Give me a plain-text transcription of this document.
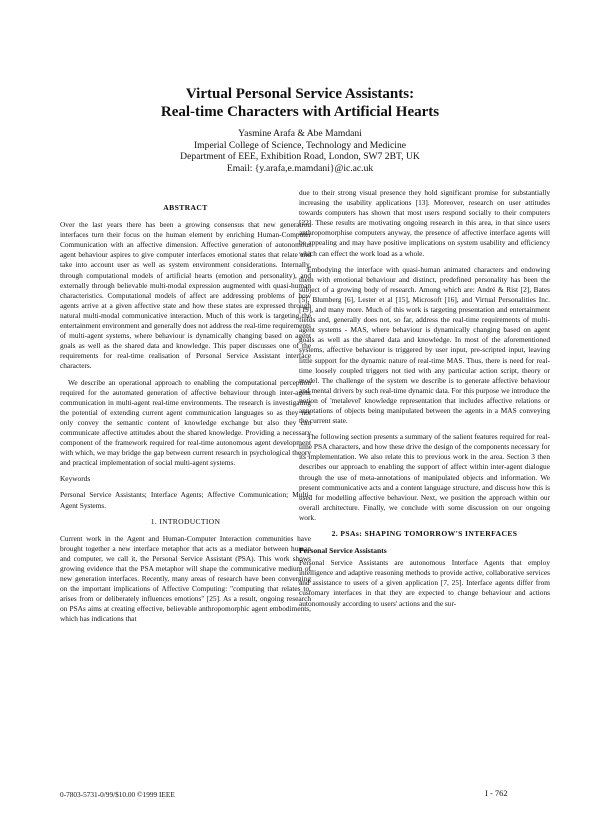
Virtual Personal Service Assistants:
Real-time Characters with Artificial Hearts
Yasmine Arafa & Abe Mamdani
Imperial College of Science, Technology and Medicine
Department of EEE, Exhibition Road, London, SW7 2BT, UK
Email: {y.arafa,e.mamdani}@ic.ac.uk
ABSTRACT

Over the last years there has been a growing consensus that new generation interfaces turn their focus on the human element by enriching Human-Computer Communication with an affective dimension. Affective generation of autonomous agent behaviour aspires to give computer interfaces emotional states that relate and take into account user as well as system environment considerations. Internally, through computational models of artificial hearts (emotion and personality), and externally through believable multi-modal expression augmented with quasi-human characteristics. Computational models of affect are addressing problems of how agents arrive at a given affective state and how these states are expressed through natural multi-modal communicative interaction. Much of this work is targeting the entertainment environment and generally does not address the real-time requirements of multi-agent systems, where behaviour is dynamically changing based on agent goals as well as the shared data and knowledge. This paper discusses one of the requirements for real-time realisation of Personal Service Assistant interface characters.

We describe an operational approach to enabling the computational perception required for the automated generation of affective behaviour through inter-agent communication in multi-agent real-time environments. The research is investigating the potential of extending current agent communication languages so as they not only convey the semantic content of knowledge exchange but also they can communicate affective attitudes about the shared knowledge. Providing a necessary component of the framework required for real-time autonomous agent development with which, we may bridge the gap between current research in psychological theory and practical implementation of social multi-agent systems.

Keywords

Personal Service Assistants; Interface Agents; Affective Communication; Multi-Agent Systems.

1. INTRODUCTION

Current work in the Agent and Human-Computer Interaction communities have brought together a new interface metaphor that acts as a mediator between human and computer, we call it, the Personal Service Assistant (PSA). This work shows growing evidence that the PSA metaphor will shape the communicative medium of new generation interfaces. Recently, many areas of research have been converging on the important implications of Affective Computing: "computing that relates to, arises from or deliberately influences emotions" [25]. As a result, ongoing research on PSAs aims at creating effective, believable anthropomorphic agent embodiments, which has indications that

due to their strong visual presence they hold significant promise for substantially increasing the usability applications [13]. Moreover, research on user attitudes towards computers has shown that most users respond socially to their computers [22]. These results are motivating ongoing research in this area, in that since users anthropomorphise computers anyway, the presence of affective interface agents will be appealing and may have positive implications on system usability and efficiency which can effect the work load as a whole.

Embodying the interface with quasi-human animated characters and endowing them with emotional behaviour and distinct, predefined personality has been the subject of a growing body of research. Among which are: André & Rist [2], Bates [5], Blumberg [6], Lester et al [15], Microsoft [16], and Virtual Personalities Inc. [19], and many more. Much of this work is targeting presentation and entertainment fields and, generally does not, so far, address the real-time requirements of multi-agent systems - MAS, where behaviour is dynamically changing based on agent goals as well as the shared data and knowledge. In most of the aforementioned systems, affective behaviour is triggered by user input, pre-scripted input, leaving little support for the dynamic nature of real-time MAS. Thus, there is need for real-time loosely coupled triggers not tied with any particular action script, theory or model. The challenge of the system we describe is to generate affective behaviour and mental drivers by such real-time dynamic data. For this purpose we introduce the notion of 'metalevel' knowledge representation that includes affective relations or annotations of objects being manipulated between the agents in a MAS conveying the current state.

The following section presents a summary of the salient features required for real-time PSA characters, and how these drive the design of the components necessary for its implementation. We also relate this to previous work in the area. Section 3 then describes our approach to enabling the support of affect within inter-agent dialogue through the use of meta-annotations of manipulated objects and information. We present communicative acts and a content language structure, and discuss how this is used for modelling affective behaviour. Next, we position the approach within our overall architecture. Finally, we conclude with some discussion on our ongoing work.

2. PSAs: SHAPING TOMORROW'S INTERFACES
Personal Service Assistants

Personal Service Assistants are autonomous Interface Agents that employ intelligence and adaptive reasoning methods to provide active, collaborative services and assistance to users of a given application [7, 25]. Interface agents differ from customary interfaces in that they are expected to change behaviour and actions autonomously according to users' actions and the sur-

0-7803-5731-0/99/$10.00 ©1999 IEEE	I - 762
